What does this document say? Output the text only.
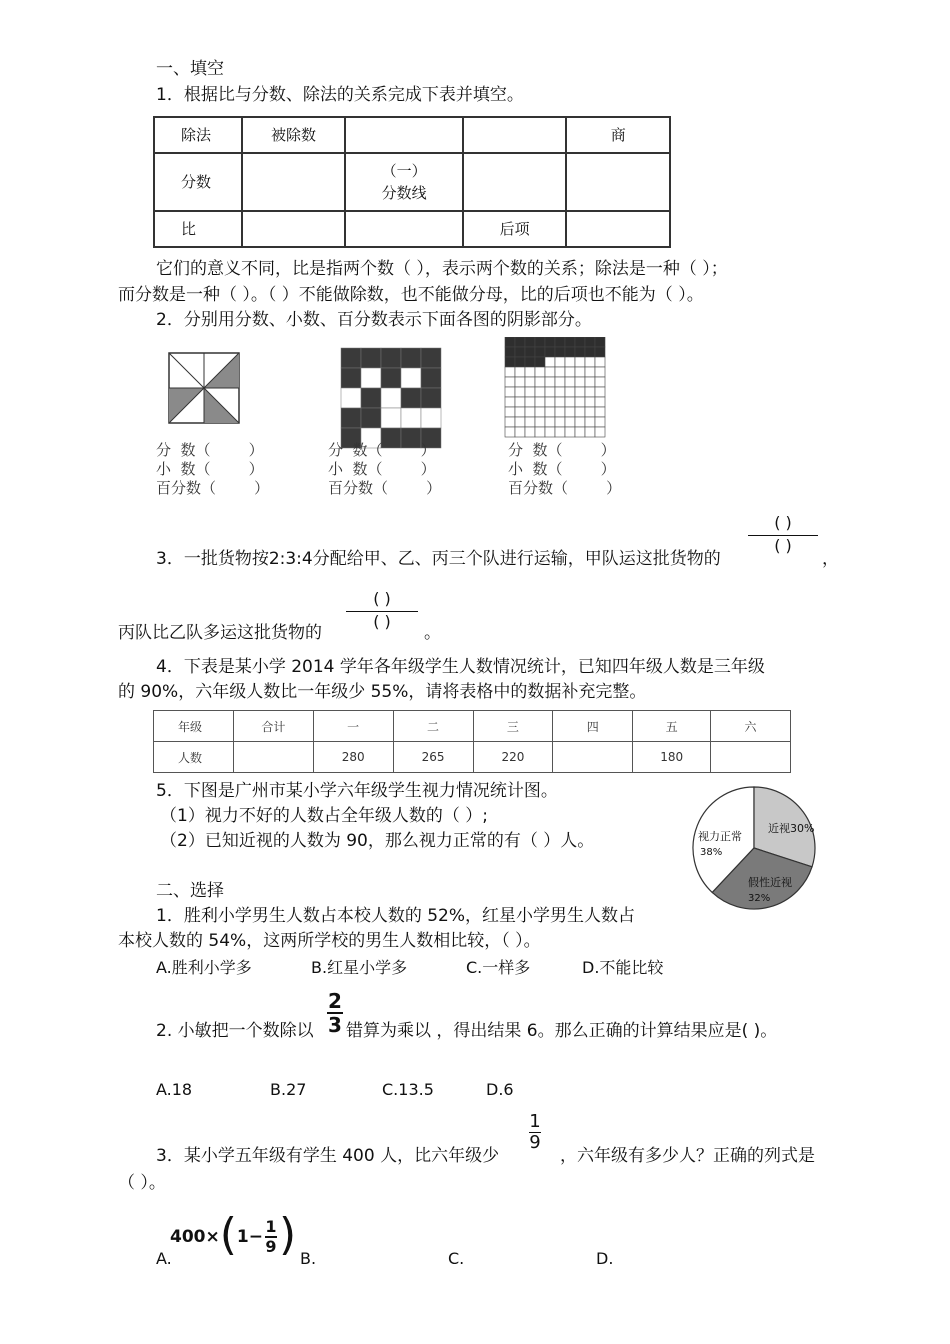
一、填空
1．根据比与分数、除法的关系完成下表并填空。
除法	被除数			商
分数		（一）
分数线		
比			后项	
它们的意义不同，比是指两个数（ ），表示两个数的关系；除法是一种（ ）；
而分数是一种（ ）。（ ）不能做除数，也不能做分母，比的后项也不能为（ ）。
2．分别用分数、小数、百分数表示下面各图的阴影部分。
分  数（        ）
小  数（        ）
百分数（        ）
分  数（        ）
小  数（        ）
百分数（        ）
分  数（        ）
小  数（        ）
百分数（        ）
( )
( )
3．一批货物按2:3:4分配给甲、乙、丙三个队进行运输，甲队运这批货物的	，
( )
( )
丙队比乙队多运这批货物的	。
4．下表是某小学 2014 学年各年级学生人数情况统计，已知四年级人数是三年级
的 90%，六年级人数比一年级少 55%，请将表格中的数据补充完整。
年级	合计	一	二	三	四	五	六
人数		280	265	220		180	
5．下图是广州市某小学六年级学生视力情况统计图。
（1）视力不好的人数占全年级人数的（ ）;
（2）已知近视的人数为 90，那么视力正常的有（ ）人。	视力正常
38%
近视30%
假性近视
32%
二、选择
1．胜利小学男生人数占本校人数的 52%，红星小学男生人数占
本校人数的 54%，这两所学校的男生人数相比较，（ ）。
A.胜利小学多	B.红星小学多	C.一样多	D.不能比较
2. 小敏把一个数除以
2
3 错算为乘以 ，得出结果 6。那么正确的计算结果应是( )。
A.18	B.27	C.13.5	D.6
3．某小学五年级有学生 400 人，比六年级少
1
9
，六年级有多少人？正确的列式是
（ ）。
400× ( 1−
1
9 )
A.	B.	C.	D.
